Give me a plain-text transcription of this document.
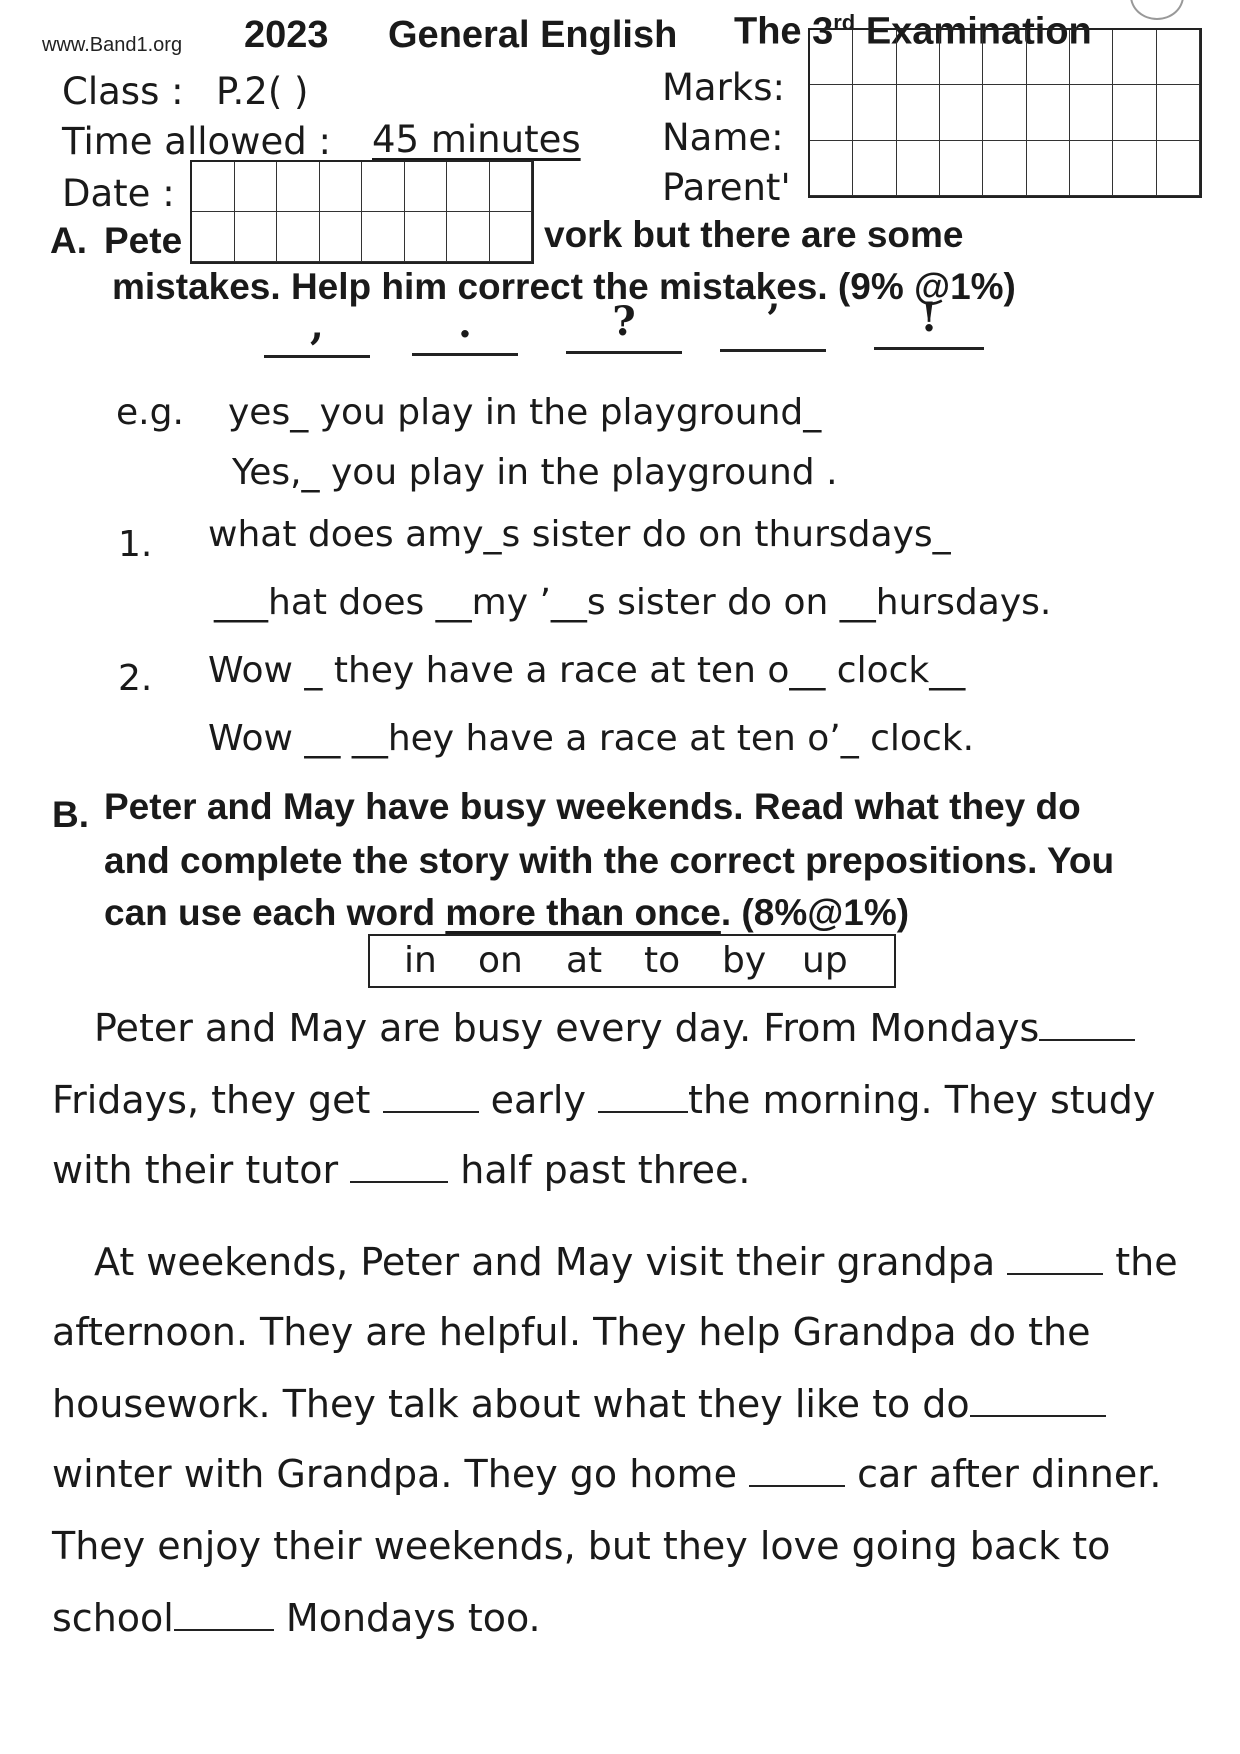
www.Band1.org 2023 General English The 3rd Examination
Class : P.2( )
Time allowed : 45 minutes
Date :
Marks:
Name:
Parent'
A. Pete	vork but there are some
mistakes. Help him correct the mistakes. (9% @1%)
,	.	?	’	!
e.g. yes_ you play in the playground_
Yes,_ you play in the playground .
1. what does amy_s sister do on thursdays_
___hat does __my ’__s sister do on __hursdays.
2. Wow _ they have a race at ten o__ clock__
Wow __ __hey have a race at ten o’_ clock.
B. Peter and May have busy weekends. Read what they do
and complete the story with the correct prepositions. You
can use each word more than once. (8%@1%)
in on at to by up
Peter and May are busy every day. From Mondays
Fridays, they get	early the morning. They study
with their tutor	half past three.
At weekends, Peter and May visit their grandpa	the
afternoon. They are helpful. They help Grandpa do the
housework. They talk about what they like to do
winter with Grandpa. They go home	car after dinner.
They enjoy their weekends, but they love going back to
school	Mondays too.
